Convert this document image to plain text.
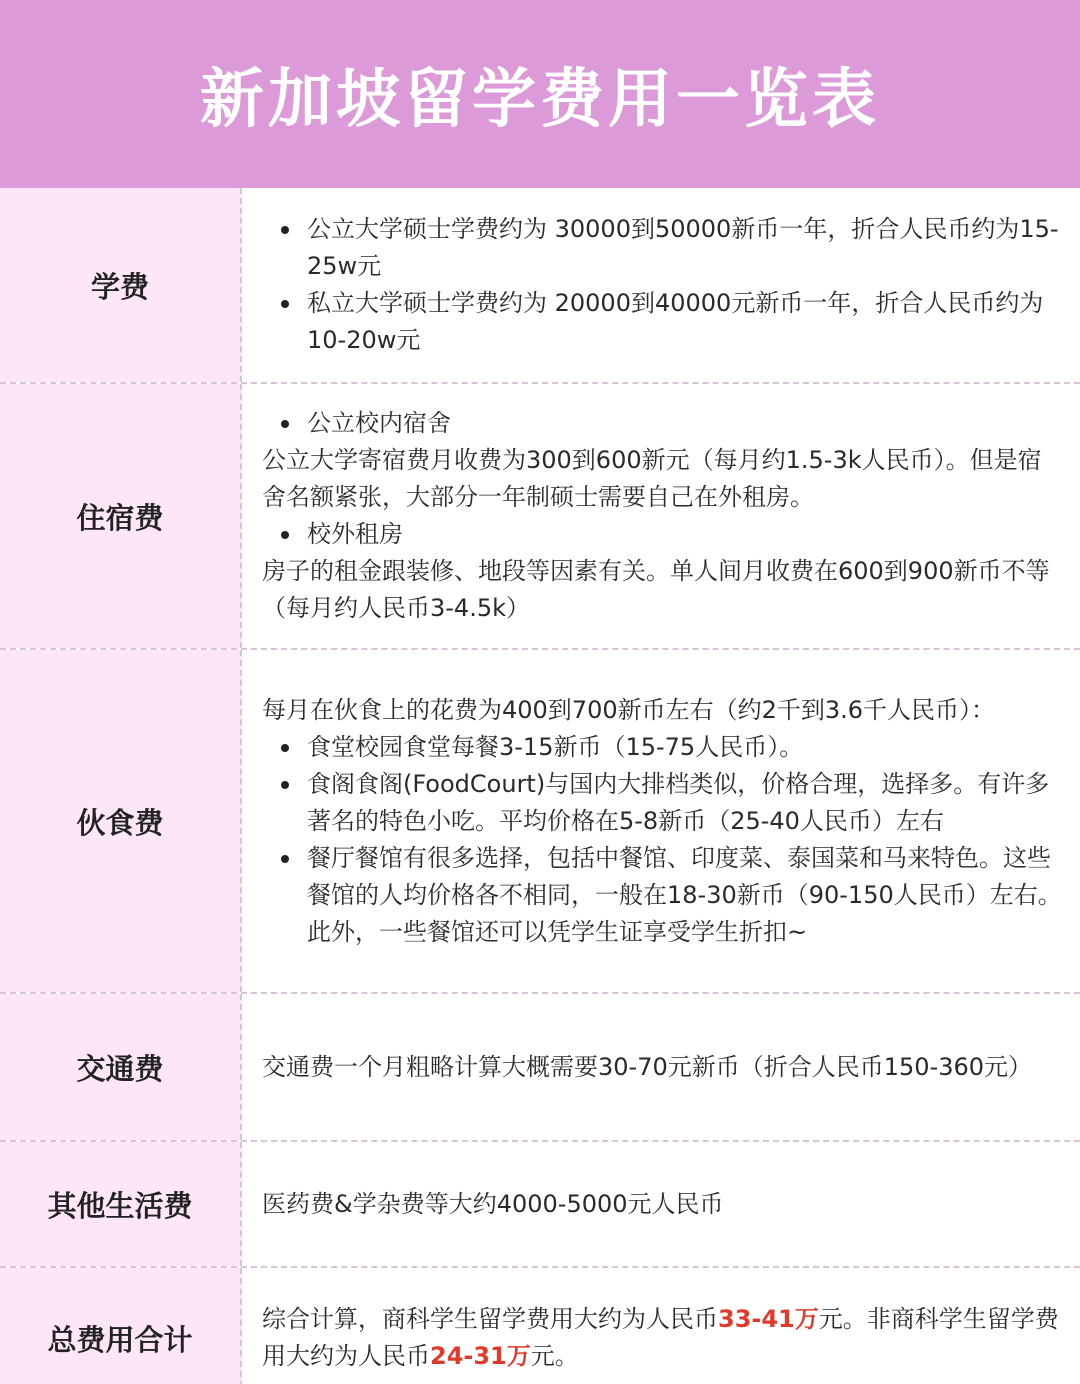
新加坡留学费用一览表
学费
公立大学硕士学费约为 30000到50000新币一年，折合人民币约为15-25w元
私立大学硕士学费约为 20000到40000元新币一年，折合人民币约为10-20w元
住宿费
公立校内宿舍
公立大学寄宿费月收费为300到600新元（每月约1.5-3k人民币）。但是宿舍名额紧张，大部分一年制硕士需要自己在外租房。
校外租房
房子的租金跟装修、地段等因素有关。单人间月收费在600到900新币不等（每月约人民币3-4.5k）
伙食费
每月在伙食上的花费为400到700新币左右（约2千到3.6千人民币）：
食堂校园食堂每餐3-15新币（15-75人民币）。
食阁食阁(FoodCourt)与国内大排档类似，价格合理，选择多。有许多著名的特色小吃。平均价格在5-8新币（25-40人民币）左右
餐厅餐馆有很多选择，包括中餐馆、印度菜、泰国菜和马来特色。这些餐馆的人均价格各不相同，一般在18-30新币（90-150人民币）左右。此外，一些餐馆还可以凭学生证享受学生折扣~
交通费	交通费一个月粗略计算大概需要30-70元新币（折合人民币150-360元）
其他生活费	医药费&学杂费等大约4000-5000元人民币
总费用合计
综合计算，商科学生留学费用大约为人民币33-41万元。非商科学生留学费用大约为人民币24-31万元。
